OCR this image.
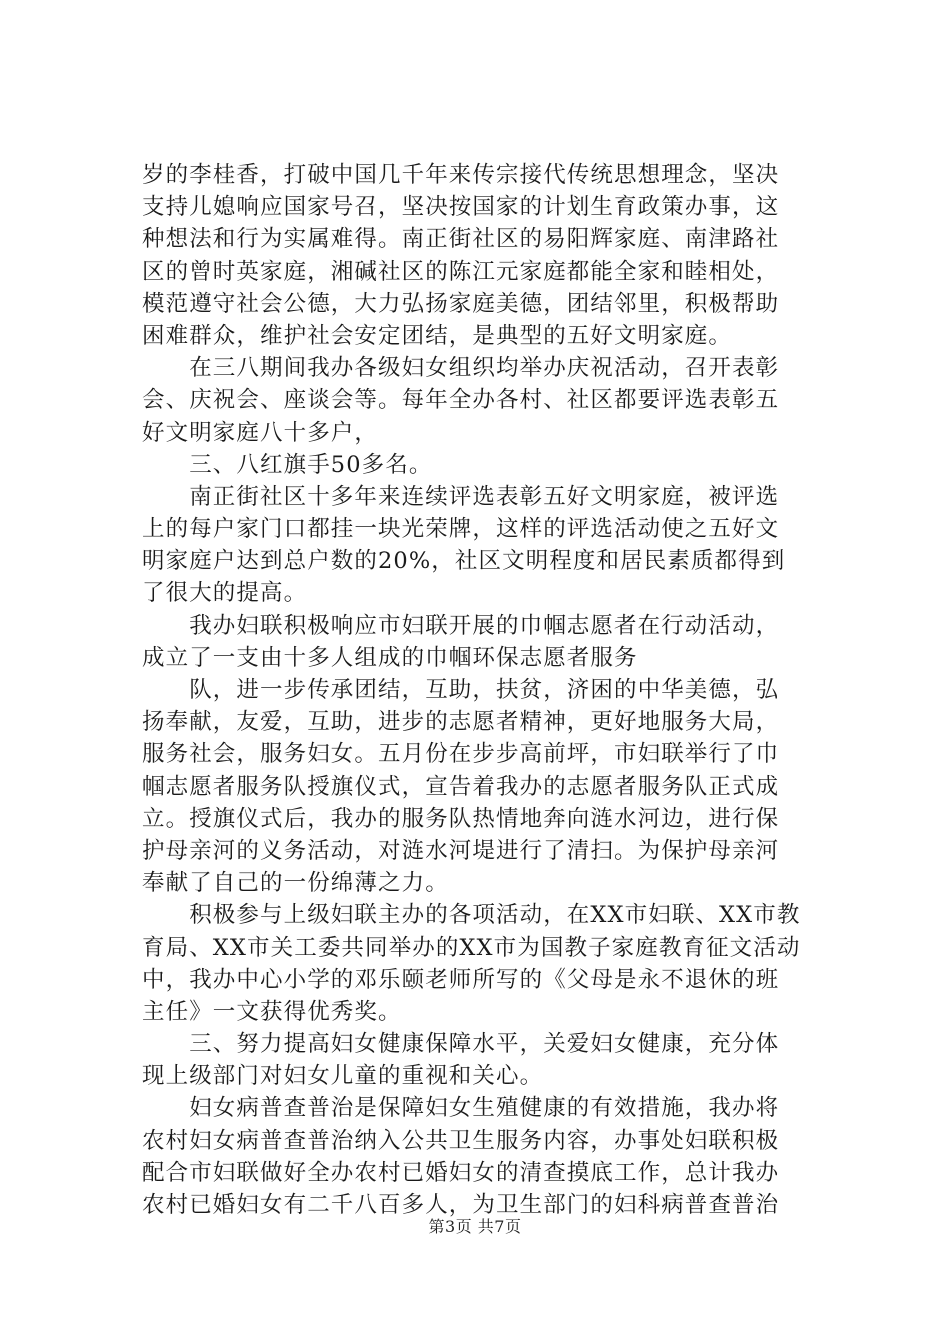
岁的李桂香，打破中国几千年来传宗接代传统思想理念，坚决
支持儿媳响应国家号召，坚决按国家的计划生育政策办事，这
种想法和行为实属难得。南正街社区的易阳辉家庭、南津路社
区的曾时英家庭，湘碱社区的陈江元家庭都能全家和睦相处，
模范遵守社会公德，大力弘扬家庭美德，团结邻里，积极帮助
困难群众，维护社会安定团结，是典型的五好文明家庭。
　　在三八期间我办各级妇女组织均举办庆祝活动，召开表彰
会、庆祝会、座谈会等。每年全办各村、社区都要评选表彰五
好文明家庭八十多户，
　　三、八红旗手50多名。
　　南正街社区十多年来连续评选表彰五好文明家庭，被评选
上的每户家门口都挂一块光荣牌，这样的评选活动使之五好文
明家庭户达到总户数的20%，社区文明程度和居民素质都得到
了很大的提高。
　　我办妇联积极响应市妇联开展的巾帼志愿者在行动活动，
成立了一支由十多人组成的巾帼环保志愿者服务
　　队，进一步传承团结，互助，扶贫，济困的中华美德，弘
扬奉献，友爱，互助，进步的志愿者精神，更好地服务大局，
服务社会，服务妇女。五月份在步步高前坪，市妇联举行了巾
帼志愿者服务队授旗仪式，宣告着我办的志愿者服务队正式成
立。授旗仪式后，我办的服务队热情地奔向涟水河边，进行保
护母亲河的义务活动，对涟水河堤进行了清扫。为保护母亲河
奉献了自己的一份绵薄之力。
　　积极参与上级妇联主办的各项活动，在XX市妇联、XX市教
育局、XX市关工委共同举办的XX市为国教子家庭教育征文活动
中，我办中心小学的邓乐颐老师所写的《父母是永不退休的班
主任》一文获得优秀奖。
　　三、努力提高妇女健康保障水平，关爱妇女健康，充分体
现上级部门对妇女儿童的重视和关心。
　　妇女病普查普治是保障妇女生殖健康的有效措施，我办将
农村妇女病普查普治纳入公共卫生服务内容，办事处妇联积极
配合市妇联做好全办农村已婚妇女的清查摸底工作，总计我办
农村已婚妇女有二千八百多人，为卫生部门的妇科病普查普治
第3页 共7页
